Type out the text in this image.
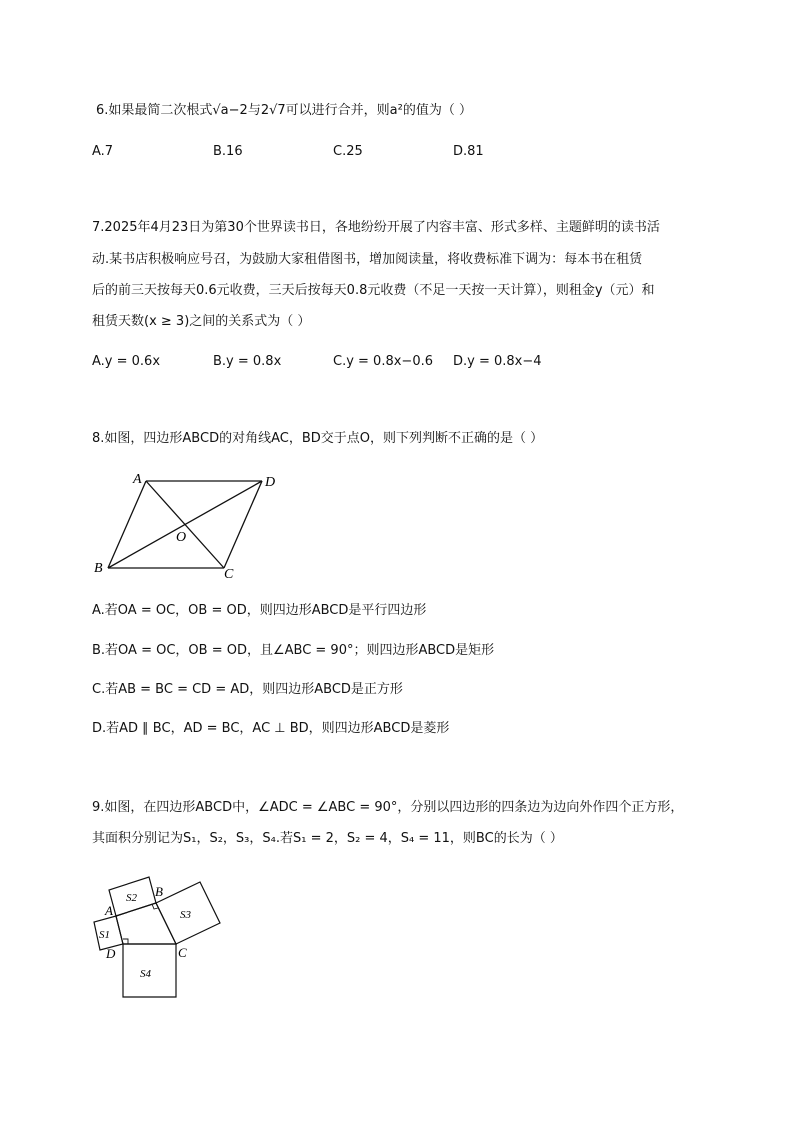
6.如果最简二次根式√a−2与2√7可以进行合并，则a²的值为（ ）
A.7	B.16	C.25	D.81
7.2025年4月23日为第30个世界读书日，各地纷纷开展了内容丰富、形式多样、主题鲜明的读书活
动.某书店积极响应号召，为鼓励大家租借图书，增加阅读量，将收费标准下调为：每本书在租赁
后的前三天按每天0.6元收费，三天后按每天0.8元收费（不足一天按一天计算），则租金y（元）和
租赁天数(x ≥ 3)之间的关系式为（ ）
A.y = 0.6x	B.y = 0.8x	C.y = 0.8x−0.6 D.y = 0.8x−4
8.如图，四边形ABCD的对角线AC，BD交于点O，则下列判断不正确的是（ ）
A	D
O
B	C
A.若OA = OC，OB = OD，则四边形ABCD是平行四边形
B.若OA = OC，OB = OD，且∠ABC = 90°；则四边形ABCD是矩形
C.若AB = BC = CD = AD，则四边形ABCD是正方形
D.若AD ∥ BC，AD = BC，AC ⊥ BD，则四边形ABCD是菱形
9.如图，在四边形ABCD中，∠ADC = ∠ABC = 90°，分别以四边形的四条边为边向外作四个正方形，
其面积分别记为S₁，S₂，S₃，S₄.若S₁ = 2，S₂ = 4，S₄ = 11，则BC的长为（ ）
A
B
C
D
S1
S2
S3
S4
